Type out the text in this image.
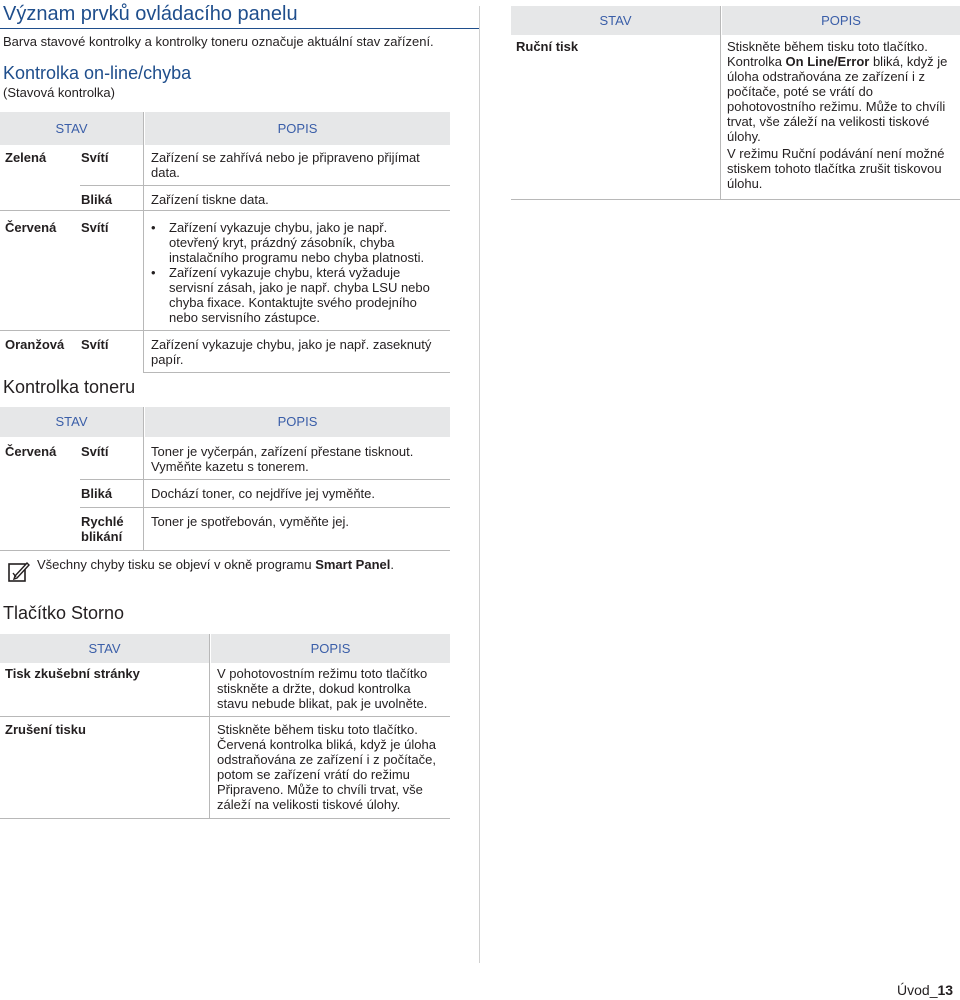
Význam prvků ovládacího panelu
Barva stavové kontrolky a kontrolky toneru označuje aktuální stav zařízení.
Kontrolka on-line/chyba
(Stavová kontrolka)
STAV	POPIS
Zelená	Svítí	Zařízení se zahřívá nebo je připraveno přijímat data.
Bliká	Zařízení tiskne data.
Červená Svítí
•	Zařízení vykazuje chybu, jako je např. otevřený kryt, prázdný zásobník, chyba instalačního programu nebo chyba platnosti.
• Zařízení vykazuje chybu, která vyžaduje servisní zásah, jako je např. chyba LSU nebo chyba fixace. Kontaktujte svého prodejního nebo servisního zástupce.
Oranžová Svítí	Zařízení vykazuje chybu, jako je např. zaseknutý papír.
Kontrolka toneru
STAV	POPIS
Červená Svítí	Toner je vyčerpán, zařízení přestane tisknout. Vyměňte kazetu s tonerem.
Bliká	Dochází toner, co nejdříve jej vyměňte.
Rychlé blikání
Toner je spotřebován, vyměňte jej.
Všechny chyby tisku se objeví v okně programu Smart Panel.
Tlačítko Storno
STAV	POPIS
Tisk zkušební stránky	V pohotovostním režimu toto tlačítko stiskněte a držte, dokud kontrolka stavu nebude blikat, pak je uvolněte.
Zrušení tisku	Stiskněte během tisku toto tlačítko. Červená kontrolka bliká, když je úloha odstraňována ze zařízení i z počítače, potom se zařízení vrátí do režimu Připraveno. Může to chvíli trvat, vše záleží na velikosti tiskové úlohy.
STAV	POPIS
Ruční tisk	Stiskněte během tisku toto tlačítko. Kontrolka On Line/Error bliká, když je úloha odstraňována ze zařízení i z počítače, poté se vrátí do pohotovostního režimu. Může to chvíli trvat, vše záleží na velikosti tiskové úlohy.
V režimu Ruční podávání není možné stiskem tohoto tlačítka zrušit tiskovou úlohu.
Úvod_13
